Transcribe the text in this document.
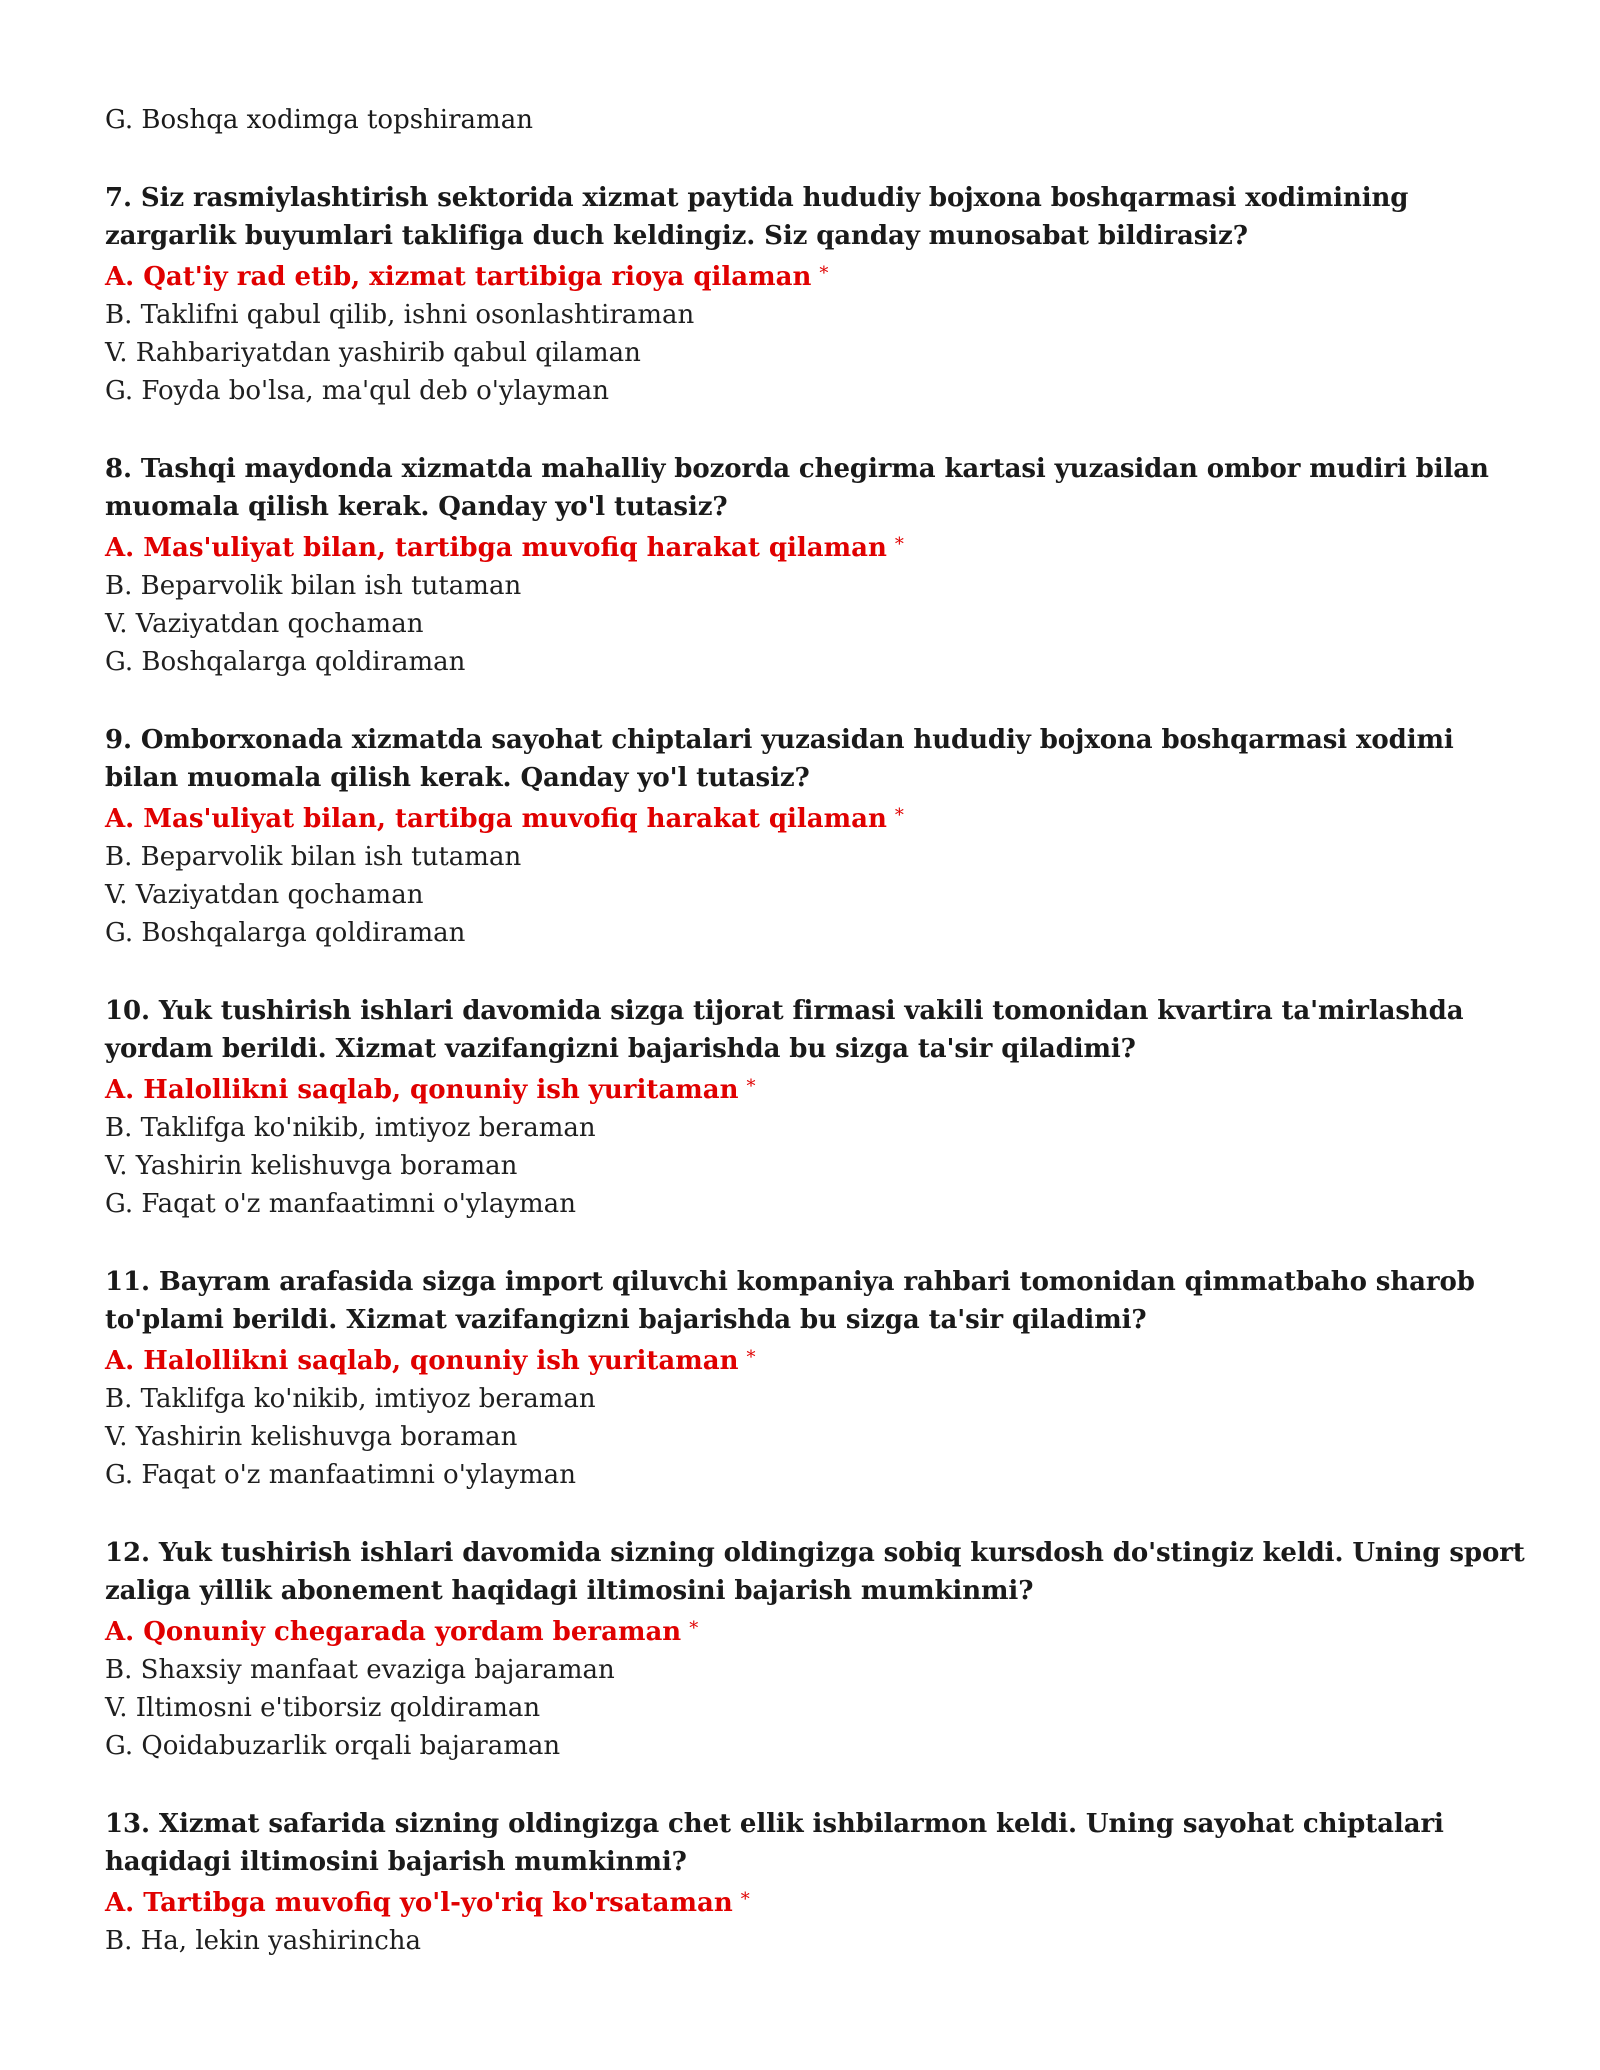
G. Boshqa xodimga topshiraman

7. Siz rasmiylashtirish sektorida xizmat paytida hududiy bojxona boshqarmasi xodimining zargarlik buyumlari taklifiga duch keldingiz. Siz qanday munosabat bildirasiz?
A. Qat'iy rad etib, xizmat tartibiga rioya qilaman *
B. Taklifni qabul qilib, ishni osonlashtiraman
V. Rahbariyatdan yashirib qabul qilaman
G. Foyda bo'lsa, ma'qul deb o'ylayman
8. Tashqi maydonda xizmatda mahalliy bozorda chegirma kartasi yuzasidan ombor mudiri bilan muomala qilish kerak. Qanday yo'l tutasiz?
A. Mas'uliyat bilan, tartibga muvofiq harakat qilaman *
B. Beparvolik bilan ish tutaman
V. Vaziyatdan qochaman
G. Boshqalarga qoldiraman
9. Omborxonada xizmatda sayohat chiptalari yuzasidan hududiy bojxona boshqarmasi xodimi bilan muomala qilish kerak. Qanday yo'l tutasiz?
A. Mas'uliyat bilan, tartibga muvofiq harakat qilaman *
B. Beparvolik bilan ish tutaman
V. Vaziyatdan qochaman
G. Boshqalarga qoldiraman
10. Yuk tushirish ishlari davomida sizga tijorat firmasi vakili tomonidan kvartira ta'mirlashda yordam berildi. Xizmat vazifangizni bajarishda bu sizga ta'sir qiladimi?
A. Halollikni saqlab, qonuniy ish yuritaman *
B. Taklifga ko'nikib, imtiyoz beraman
V. Yashirin kelishuvga boraman
G. Faqat o'z manfaatimni o'ylayman
11. Bayram arafasida sizga import qiluvchi kompaniya rahbari tomonidan qimmatbaho sharob to'plami berildi. Xizmat vazifangizni bajarishda bu sizga ta'sir qiladimi?
A. Halollikni saqlab, qonuniy ish yuritaman *
B. Taklifga ko'nikib, imtiyoz beraman
V. Yashirin kelishuvga boraman
G. Faqat o'z manfaatimni o'ylayman
12. Yuk tushirish ishlari davomida sizning oldingizga sobiq kursdosh do'stingiz keldi. Uning sport zaliga yillik abonement haqidagi iltimosini bajarish mumkinmi?
A. Qonuniy chegarada yordam beraman *
B. Shaxsiy manfaat evaziga bajaraman
V. Iltimosni e'tiborsiz qoldiraman
G. Qoidabuzarlik orqali bajaraman
13. Xizmat safarida sizning oldingizga chet ellik ishbilarmon keldi. Uning sayohat chiptalari haqidagi iltimosini bajarish mumkinmi?
A. Tartibga muvofiq yo'l-yo'riq ko'rsataman *
B. Ha, lekin yashirincha
